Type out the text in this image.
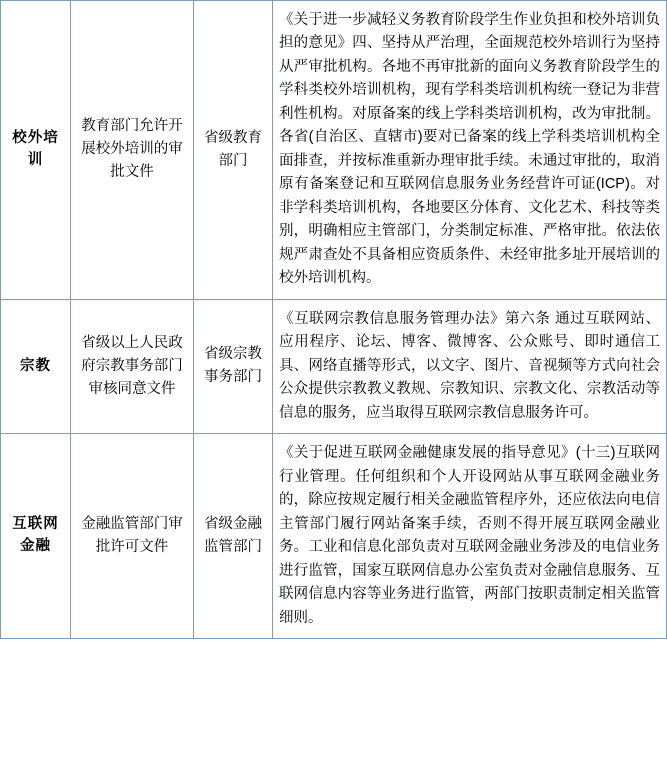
校外培训	教育部门允许开展校外培训的审批文件	省级教育部门	《关于进一步减轻义务教育阶段学生作业负担和校外培训负担的意见》四、坚持从严治理，全面规范校外培训行为坚持从严审批机构。各地不再审批新的面向义务教育阶段学生的学科类校外培训机构，现有学科类培训机构统一登记为非营利性机构。对原备案的线上学科类培训机构，改为审批制。各省(自治区、直辖市)要对已备案的线上学科类培训机构全面排查，并按标准重新办理审批手续。未通过审批的，取消原有备案登记和互联网信息服务业务经营许可证(ICP)。对非学科类培训机构，各地要区分体育、文化艺术、科技等类别，明确相应主管部门，分类制定标准、严格审批。依法依规严肃查处不具备相应资质条件、未经审批多址开展培训的校外培训机构。

宗教	省级以上人民政府宗教事务部门审核同意文件	省级宗教事务部门	《互联网宗教信息服务管理办法》第六条 通过互联网站、应用程序、论坛、博客、微博客、公众账号、即时通信工具、网络直播等形式，以文字、图片、音视频等方式向社会公众提供宗教教义教规、宗教知识、宗教文化、宗教活动等信息的服务，应当取得互联网宗教信息服务许可。

互联网金融	金融监管部门审批许可文件	省级金融监管部门	《关于促进互联网金融健康发展的指导意见》(十三)互联网行业管理。任何组织和个人开设网站从事互联网金融业务的，除应按规定履行相关金融监管程序外，还应依法向电信主管部门履行网站备案手续，否则不得开展互联网金融业务。工业和信息化部负责对互联网金融业务涉及的电信业务进行监管，国家互联网信息办公室负责对金融信息服务、互联网信息内容等业务进行监管，两部门按职责制定相关监管细则。
